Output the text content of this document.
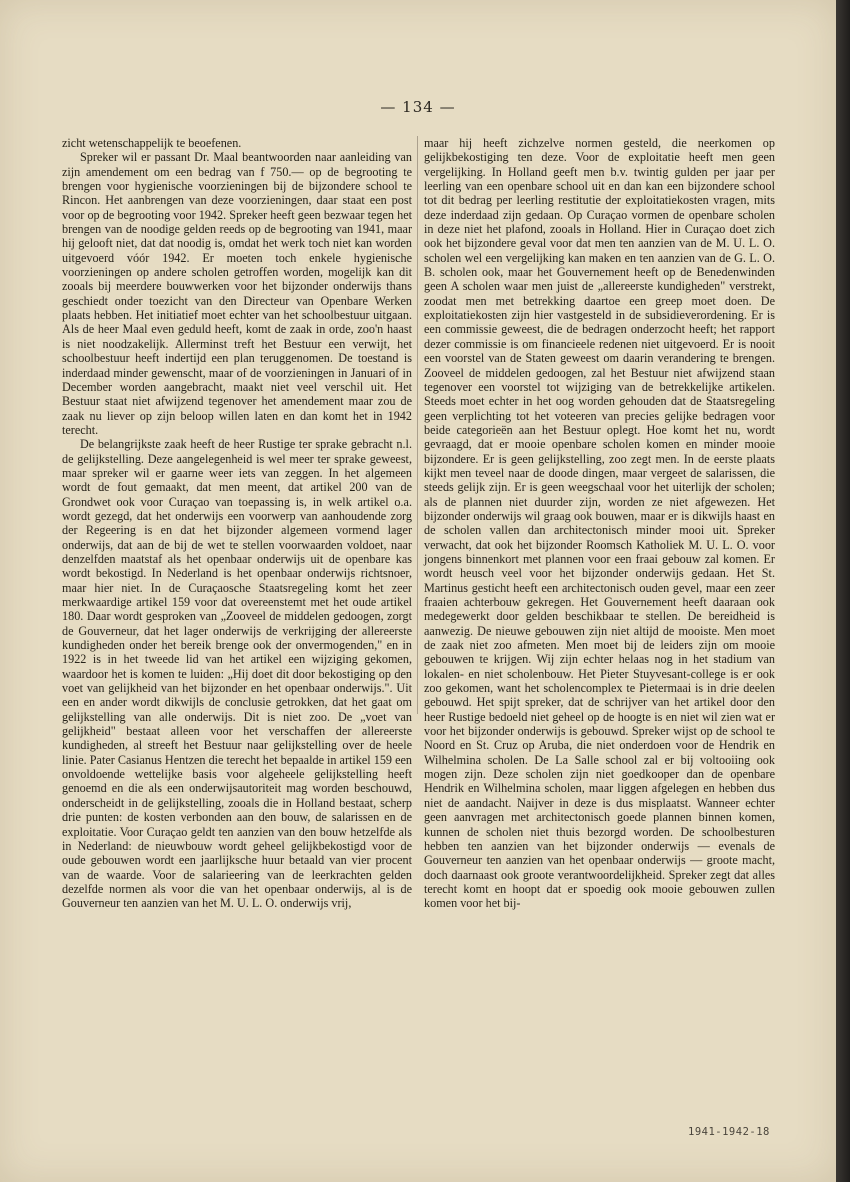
— 134 —

zicht wetenschappelijk te beoefenen.

Spreker wil er passant Dr. Maal beantwoorden naar aanleiding van zijn amendement om een bedrag van f 750.— op de begrooting te brengen voor hygienische voorzieningen bij de bijzondere school te Rincon. Het aanbrengen van deze voorzieningen, daar staat een post voor op de begrooting voor 1942. Spreker heeft geen bezwaar tegen het brengen van de noodige gelden reeds op de begrooting van 1941, maar hij gelooft niet, dat dat noodig is, omdat het werk toch niet kan worden uitgevoerd vóór 1942. Er moeten toch enkele hygienische voorzieningen op andere scholen getroffen worden, mogelijk kan dit zooals bij meerdere bouwwerken voor het bijzonder onderwijs thans geschiedt onder toezicht van den Directeur van Openbare Werken plaats hebben. Het initiatief moet echter van het schoolbestuur uitgaan. Als de heer Maal even geduld heeft, komt de zaak in orde, zoo'n haast is niet noodzakelijk. Allerminst treft het Bestuur een verwijt, het schoolbestuur heeft indertijd een plan teruggenomen. De toestand is inderdaad minder gewenscht, maar of de voorzieningen in Januari of in December worden aangebracht, maakt niet veel verschil uit. Het Bestuur staat niet afwijzend tegenover het amendement maar zou de zaak nu liever op zijn beloop willen laten en dan komt het in 1942 terecht.

De belangrijkste zaak heeft de heer Rustige ter sprake gebracht n.l. de gelijkstelling. Deze aangelegenheid is wel meer ter sprake geweest, maar spreker wil er gaarne weer iets van zeggen. In het algemeen wordt de fout gemaakt, dat men meent, dat artikel 200 van de Grondwet ook voor Curaçao van toepassing is, in welk artikel o.a. wordt gezegd, dat het onderwijs een voorwerp van aanhoudende zorg der Regeering is en dat het bijzonder algemeen vormend lager onderwijs, dat aan de bij de wet te stellen voorwaarden voldoet, naar denzelfden maatstaf als het openbaar onderwijs uit de openbare kas wordt bekostigd. In Nederland is het openbaar onderwijs richtsnoer, maar hier niet. In de Curaçaosche Staatsregeling komt het zeer merkwaardige artikel 159 voor dat overeenstemt met het oude artikel 180. Daar wordt gesproken van „Zooveel de middelen gedoogen, zorgt de Gouverneur, dat het lager onderwijs de verkrijging der allereerste kundigheden onder het bereik brenge ook der onvermogenden," en in 1922 is in het tweede lid van het artikel een wijziging gekomen, waardoor het is komen te luiden: „Hij doet dit door bekostiging op den voet van gelijkheid van het bijzonder en het openbaar onderwijs.". Uit een en ander wordt dikwijls de conclusie getrokken, dat het gaat om gelijkstelling van alle onderwijs. Dit is niet zoo. De „voet van gelijkheid" bestaat alleen voor het verschaffen der allereerste kundigheden, al streeft het Bestuur naar gelijkstelling over de heele linie. Pater Casianus Hentzen die terecht het bepaalde in artikel 159 een onvoldoende wettelijke basis voor algeheele gelijkstelling heeft genoemd en die als een onderwijsautoriteit mag worden beschouwd, onderscheidt in de gelijkstelling, zooals die in Holland bestaat, scherp drie punten: de kosten verbonden aan den bouw, de salarissen en de exploitatie. Voor Curaçao geldt ten aanzien van den bouw hetzelfde als in Nederland: de nieuwbouw wordt geheel gelijkbekostigd voor de oude gebouwen wordt een jaarlijksche huur betaald van vier procent van de waarde. Voor de salarieering van de leerkrachten gelden dezelfde normen als voor die van het openbaar onderwijs, al is de Gouverneur ten aanzien van het M. U. L. O. onderwijs vrij,

maar hij heeft zichzelve normen gesteld, die neerkomen op gelijkbekostiging ten deze. Voor de exploitatie heeft men geen vergelijking. In Holland geeft men b.v. twintig gulden per jaar per leerling van een openbare school uit en dan kan een bijzondere school tot dit bedrag per leerling restitutie der exploitatiekosten vragen, mits deze inderdaad zijn gedaan. Op Curaçao vormen de openbare scholen in deze niet het plafond, zooals in Holland. Hier in Curaçao doet zich ook het bijzondere geval voor dat men ten aanzien van de M. U. L. O. scholen wel een vergelijking kan maken en ten aanzien van de G. L. O. B. scholen ook, maar het Gouvernement heeft op de Benedenwinden geen A scholen waar men juist de „allereerste kundigheden" verstrekt, zoodat men met betrekking daartoe een greep moet doen. De exploitatiekosten zijn hier vastgesteld in de subsidieverordening. Er is een commissie geweest, die de bedragen onderzocht heeft; het rapport dezer commissie is om financieele redenen niet uitgevoerd. Er is nooit een voorstel van de Staten geweest om daarin verandering te brengen. Zooveel de middelen gedoogen, zal het Bestuur niet afwijzend staan tegenover een voorstel tot wijziging van de betrekkelijke artikelen. Steeds moet echter in het oog worden gehouden dat de Staatsregeling geen verplichting tot het voteeren van precies gelijke bedragen voor beide categorieën aan het Bestuur oplegt. Hoe komt het nu, wordt gevraagd, dat er mooie openbare scholen komen en minder mooie bijzondere. Er is geen gelijkstelling, zoo zegt men. In de eerste plaats kijkt men teveel naar de doode dingen, maar vergeet de salarissen, die steeds gelijk zijn. Er is geen weegschaal voor het uiterlijk der scholen; als de plannen niet duurder zijn, worden ze niet afgewezen. Het bijzonder onderwijs wil graag ook bouwen, maar er is dikwijls haast en de scholen vallen dan architectonisch minder mooi uit. Spreker verwacht, dat ook het bijzonder Roomsch Katholiek M. U. L. O. voor jongens binnenkort met plannen voor een fraai gebouw zal komen. Er wordt heusch veel voor het bijzonder onderwijs gedaan. Het St. Martinus gesticht heeft een architectonisch ouden gevel, maar een zeer fraaien achterbouw gekregen. Het Gouvernement heeft daaraan ook medegewerkt door gelden beschikbaar te stellen. De bereidheid is aanwezig. De nieuwe gebouwen zijn niet altijd de mooiste. Men moet de zaak niet zoo afmeten. Men moet bij de leiders zijn om mooie gebouwen te krijgen. Wij zijn echter helaas nog in het stadium van lokalen- en niet scholenbouw. Het Pieter Stuyvesant-college is er ook zoo gekomen, want het scholencomplex te Pietermaai is in drie deelen gebouwd. Het spijt spreker, dat de schrijver van het artikel door den heer Rustige bedoeld niet geheel op de hoogte is en niet wil zien wat er voor het bijzonder onderwijs is gebouwd. Spreker wijst op de school te Noord en St. Cruz op Aruba, die niet onderdoen voor de Hendrik en Wilhelmina scholen. De La Salle school zal er bij voltooiing ook mogen zijn. Deze scholen zijn niet goedkooper dan de openbare Hendrik en Wilhelmina scholen, maar liggen afgelegen en hebben dus niet de aandacht. Naijver in deze is dus misplaatst. Wanneer echter geen aanvragen met architectonisch goede plannen binnen komen, kunnen de scholen niet thuis bezorgd worden. De schoolbesturen hebben ten aanzien van het bijzonder onderwijs — evenals de Gouverneur ten aanzien van het openbaar onderwijs — groote macht, doch daarnaast ook groote verantwoordelijkheid. Spreker zegt dat alles terecht komt en hoopt dat er spoedig ook mooie gebouwen zullen komen voor het bij-

1941-1942-18
